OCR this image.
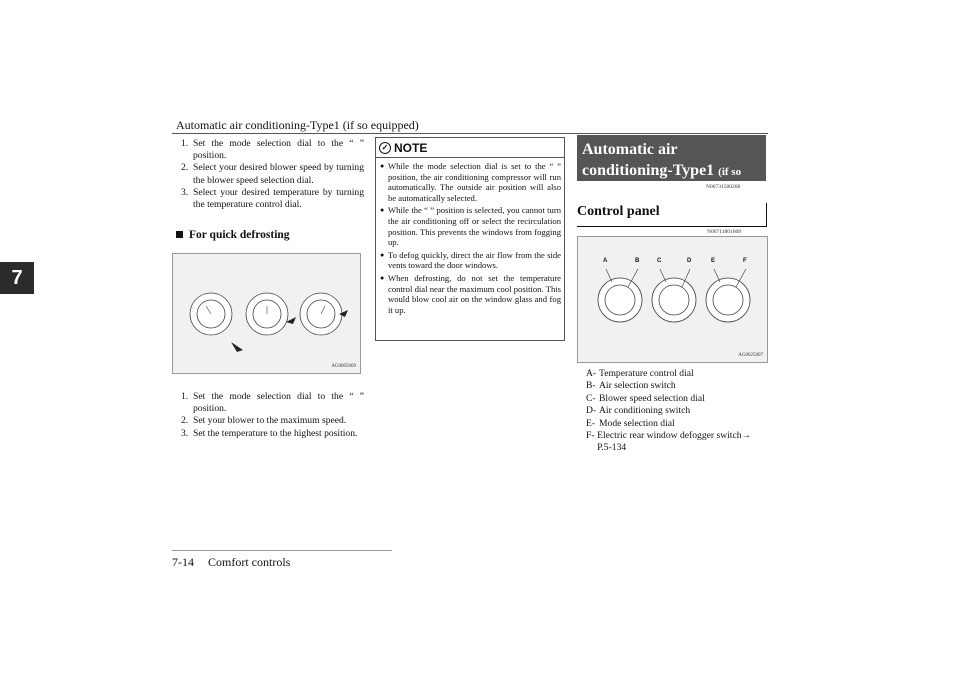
Automatic air conditioning-Type1 (if so equipped)
7
1. Set the mode selection dial to the “ ” position.
2. Select your desired blower speed by turning the blower speed selection dial.
3. Select your desired temperature by turning the temperature control dial.
For quick defrosting
AG0005069
1. Set the mode selection dial to the “ ” position.
2. Set your blower to the maximum speed.
3. Set the temperature to the highest position.
✓ NOTE
● While the mode selection dial is set to the “ ” position, the air conditioning compressor will run automatically. The outside air position will also be automatically selected.
● While the “ ” position is selected, you cannot turn the air conditioning off or select the recirculation position. This prevents the windows from fogging up.
● To defog quickly, direct the air flow from the side vents toward the door windows.
● When defrosting, do not set the temperature control dial near the maximum cool position. This would blow cool air on the window glass and fog it up.
Automatic air conditioning-Type1 (if so equipped)
N00731500268
Control panel
N00711801608
A	B	C	D	E	F
AG0025007
A- Temperature control dial
B- Air selection switch
C- Blower speed selection dial
D- Air conditioning switch
E- Mode selection dial
F- Electric rear window defogger switch→ P.5-134
7-14 Comfort controls
